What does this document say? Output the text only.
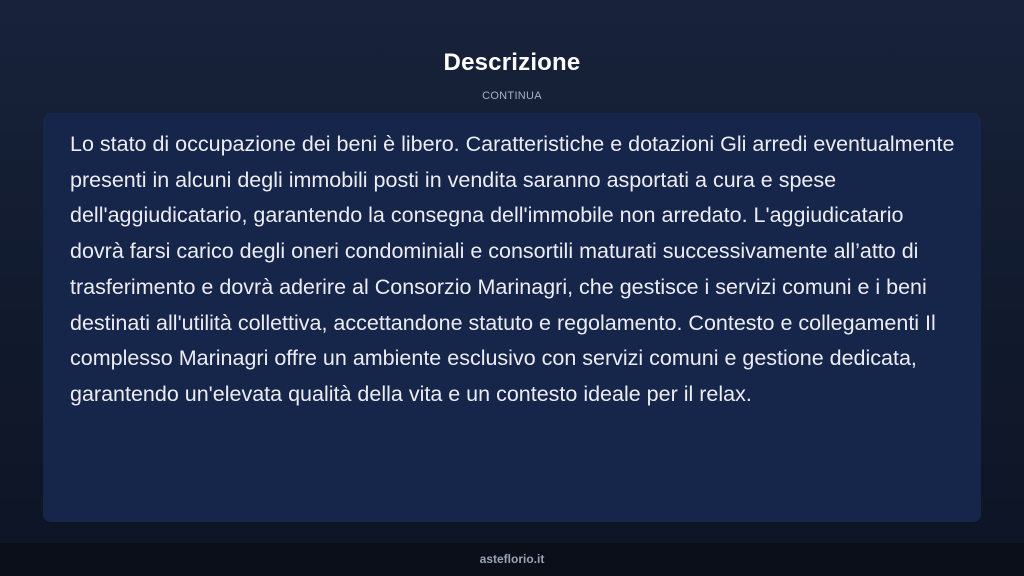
Descrizione
CONTINUA

Lo stato di occupazione dei beni è libero. Caratteristiche e dotazioni Gli arredi eventualmente presenti in alcuni degli immobili posti in vendita saranno asportati a cura e spese dell'aggiudicatario, garantendo la consegna dell'immobile non arredato. L'aggiudicatario dovrà farsi carico degli oneri condominiali e consortili maturati successivamente all’atto di trasferimento e dovrà aderire al Consorzio Marinagri, che gestisce i servizi comuni e i beni destinati all'utilità collettiva, accettandone statuto e regolamento. Contesto e collegamenti Il complesso Marinagri offre un ambiente esclusivo con servizi comuni e gestione dedicata, garantendo un'elevata qualità della vita e un contesto ideale per il relax.

asteflorio.it
